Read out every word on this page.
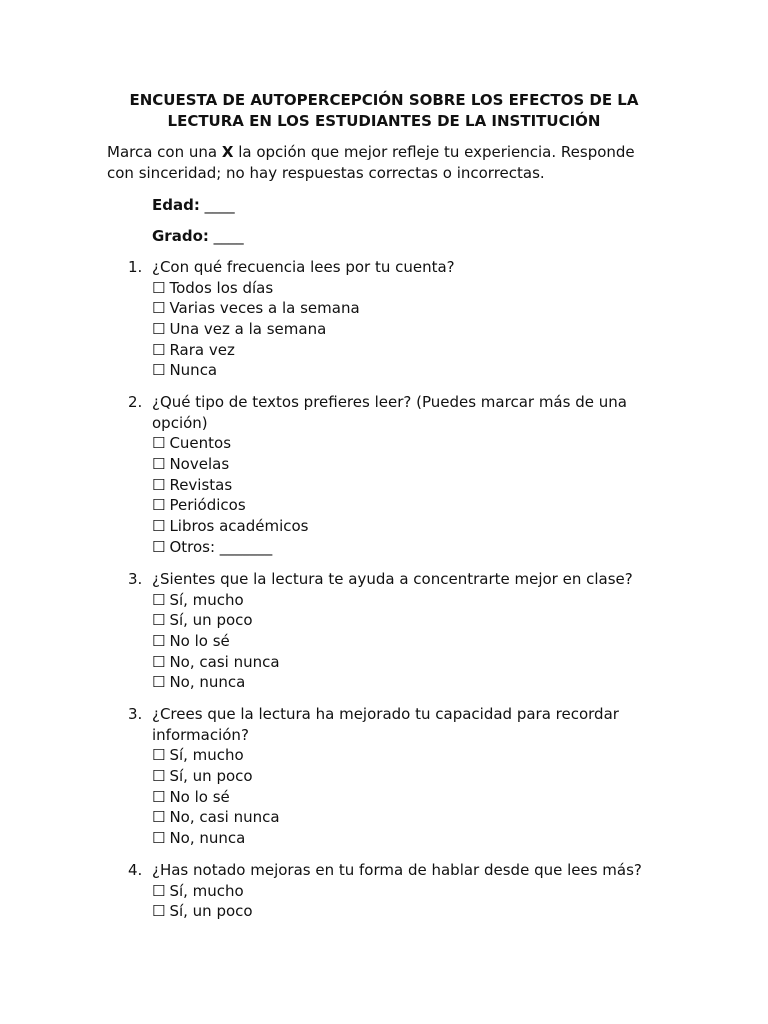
ENCUESTA DE AUTOPERCEPCIÓN SOBRE LOS EFECTOS DE LA
LECTURA EN LOS ESTUDIANTES DE LA INSTITUCIÓN

Marca con una X la opción que mejor refleje tu experiencia. Responde
con sinceridad; no hay respuestas correctas o incorrectas.

Edad: ____

Grado: ____

1. ¿Con qué frecuencia lees por tu cuenta?
☐ Todos los días
☐ Varias veces a la semana
☐ Una vez a la semana
☐ Rara vez
☐ Nunca
2. ¿Qué tipo de textos prefieres leer? (Puedes marcar más de una
opción)
☐ Cuentos
☐ Novelas
☐ Revistas
☐ Periódicos
☐ Libros académicos
☐ Otros: _______
3. ¿Sientes que la lectura te ayuda a concentrarte mejor en clase?
☐ Sí, mucho
☐ Sí, un poco
☐ No lo sé
☐ No, casi nunca
☐ No, nunca
3. ¿Crees que la lectura ha mejorado tu capacidad para recordar
información?
☐ Sí, mucho
☐ Sí, un poco
☐ No lo sé
☐ No, casi nunca
☐ No, nunca
4. ¿Has notado mejoras en tu forma de hablar desde que lees más?
☐ Sí, mucho
☐ Sí, un poco
